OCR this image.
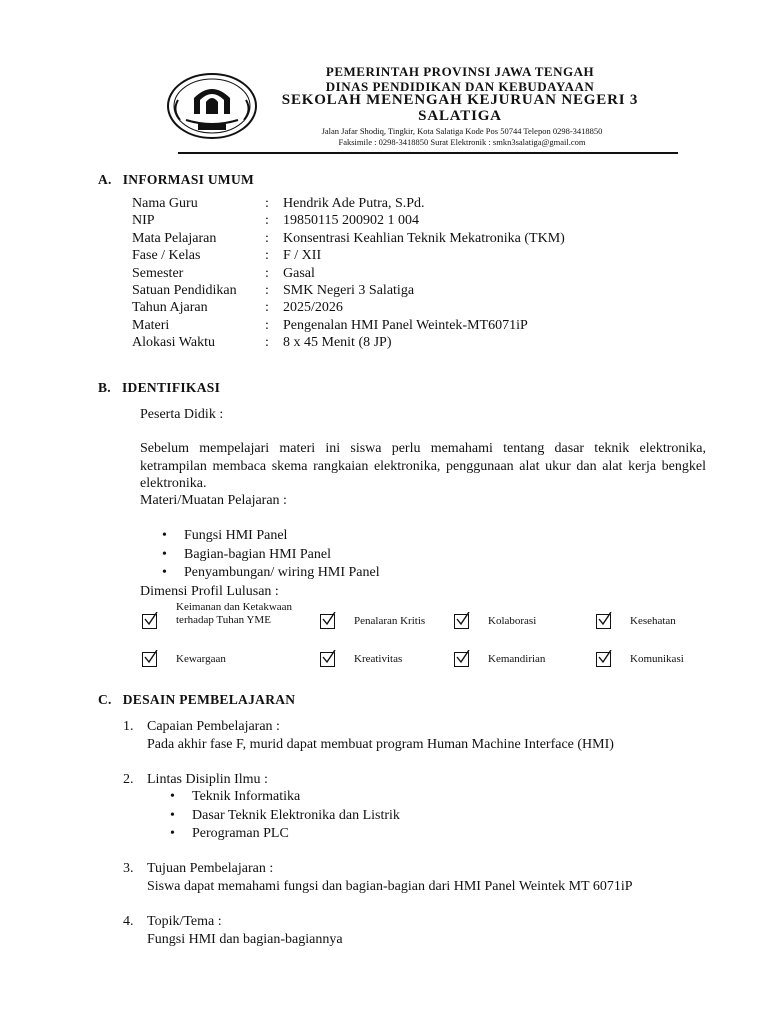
PEMERINTAH PROVINSI JAWA TENGAH
DINAS PENDIDIKAN DAN KEBUDAYAAN
SEKOLAH MENENGAH KEJURUAN NEGERI 3
SALATIGA
Jalan Jafar Shodiq, Tingkir, Kota Salatiga Kode Pos 50744 Telepon 0298-3418850
Faksimile : 0298-3418850 Surat Elektronik : smkn3salatiga@gmail.com
A.   INFORMASI UMUM
Nama Guru	: Hendrik Ade Putra, S.Pd.
NIP	: 19850115 200902 1 004
Mata Pelajaran	: Konsentrasi Keahlian Teknik Mekatronika (TKM)
Fase / Kelas	: F / XII
Semester	: Gasal
Satuan Pendidikan : SMK Negeri 3 Salatiga
Tahun Ajaran	: 2025/2026
Materi	: Pengenalan HMI Panel Weintek-MT6071iP
Alokasi Waktu	: 8 x 45 Menit (8 JP)
B.   IDENTIFIKASI
Peserta Didik :
Sebelum mempelajari materi ini siswa perlu memahami tentang dasar teknik elektronika, ketrampilan membaca skema rangkaian elektronika, penggunaan alat ukur dan alat kerja bengkel elektronika.
Materi/Muatan Pelajaran :
• Fungsi HMI Panel
• Bagian-bagian HMI Panel
• Penyambungan/ wiring HMI Panel
Dimensi Profil Lulusan :
Keimanan dan Ketakwaan terhadap Tuhan YME	Penalaran Kritis	Kolaborasi	Kesehatan
Kewargaan	Kreativitas	Kemandirian	Komunikasi
C.   DESAIN PEMBELAJARAN
1. Capaian Pembelajaran :
Pada akhir fase F, murid dapat membuat program Human Machine Interface (HMI)
2. Lintas Disiplin Ilmu :
• Teknik Informatika
• Dasar Teknik Elektronika dan Listrik
• Perograman PLC
3. Tujuan Pembelajaran :
Siswa dapat memahami fungsi dan bagian-bagian dari HMI Panel Weintek MT 6071iP
4. Topik/Tema :
Fungsi HMI dan bagian-bagiannya
